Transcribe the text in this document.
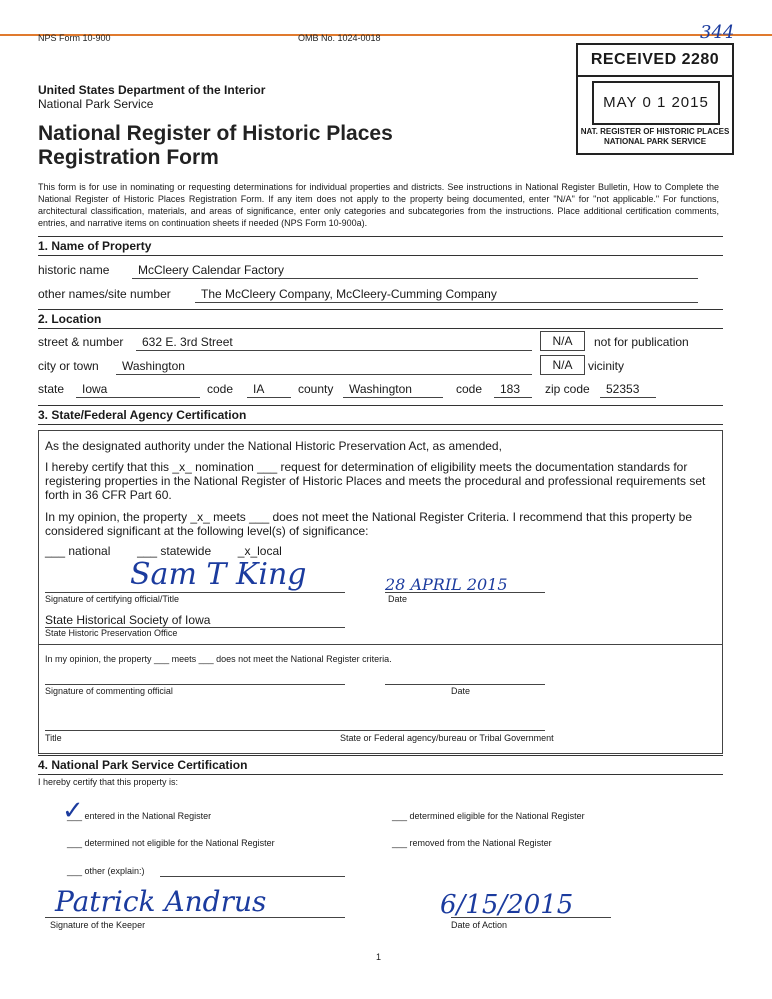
NPS Form 10-900	OMB No. 1024-0018	344
RECEIVED 2280
MAY 0 1 2015
NAT. REGISTER OF HISTORIC PLACES
NATIONAL PARK SERVICE
United States Department of the Interior
National Park Service
National Register of Historic Places
Registration Form
This form is for use in nominating or requesting determinations for individual properties and districts. See instructions in National Register Bulletin, How to Complete the National Register of Historic Places Registration Form. If any item does not apply to the property being documented, enter "N/A" for "not applicable." For functions, architectural classification, materials, and areas of significance, enter only categories and subcategories from the instructions. Place additional certification comments, entries, and narrative items on continuation sheets if needed (NPS Form 10-900a).
1. Name of Property
historic name	McCleery Calendar Factory
other names/site number	The McCleery Company, McCleery-Cumming Company
2. Location
street & number	632 E. 3rd Street	N/A	not for publication
city or town	Washington	N/A	vicinity
state	Iowa	code	IA	county	Washington	code	183	zip code	52353
3. State/Federal Agency Certification
As the designated authority under the National Historic Preservation Act, as amended,
I hereby certify that this _x_ nomination ___ request for determination of eligibility meets the documentation standards for registering properties in the National Register of Historic Places and meets the procedural and professional requirements set forth in 36 CFR Part 60.
In my opinion, the property _x_ meets ___ does not meet the National Register Criteria. I recommend that this property be considered significant at the following level(s) of significance:
___ national        ___ statewide        _x_local
Sam T King	28 APRIL 2015
Signature of certifying official/Title	Date
State Historical Society of Iowa
State Historic Preservation Office
In my opinion, the property ___ meets ___ does not meet the National Register criteria.
Signature of commenting official	Date
Title	State or Federal agency/bureau or Tribal Government
4. National Park Service Certification
I hereby certify that this property is:
✓
___ entered in the National Register	___ determined eligible for the National Register
___ determined not eligible for the National Register	___ removed from the National Register
___ other (explain:)
Patrick Andrus	6/15/2015
Signature of the Keeper	Date of Action
1
